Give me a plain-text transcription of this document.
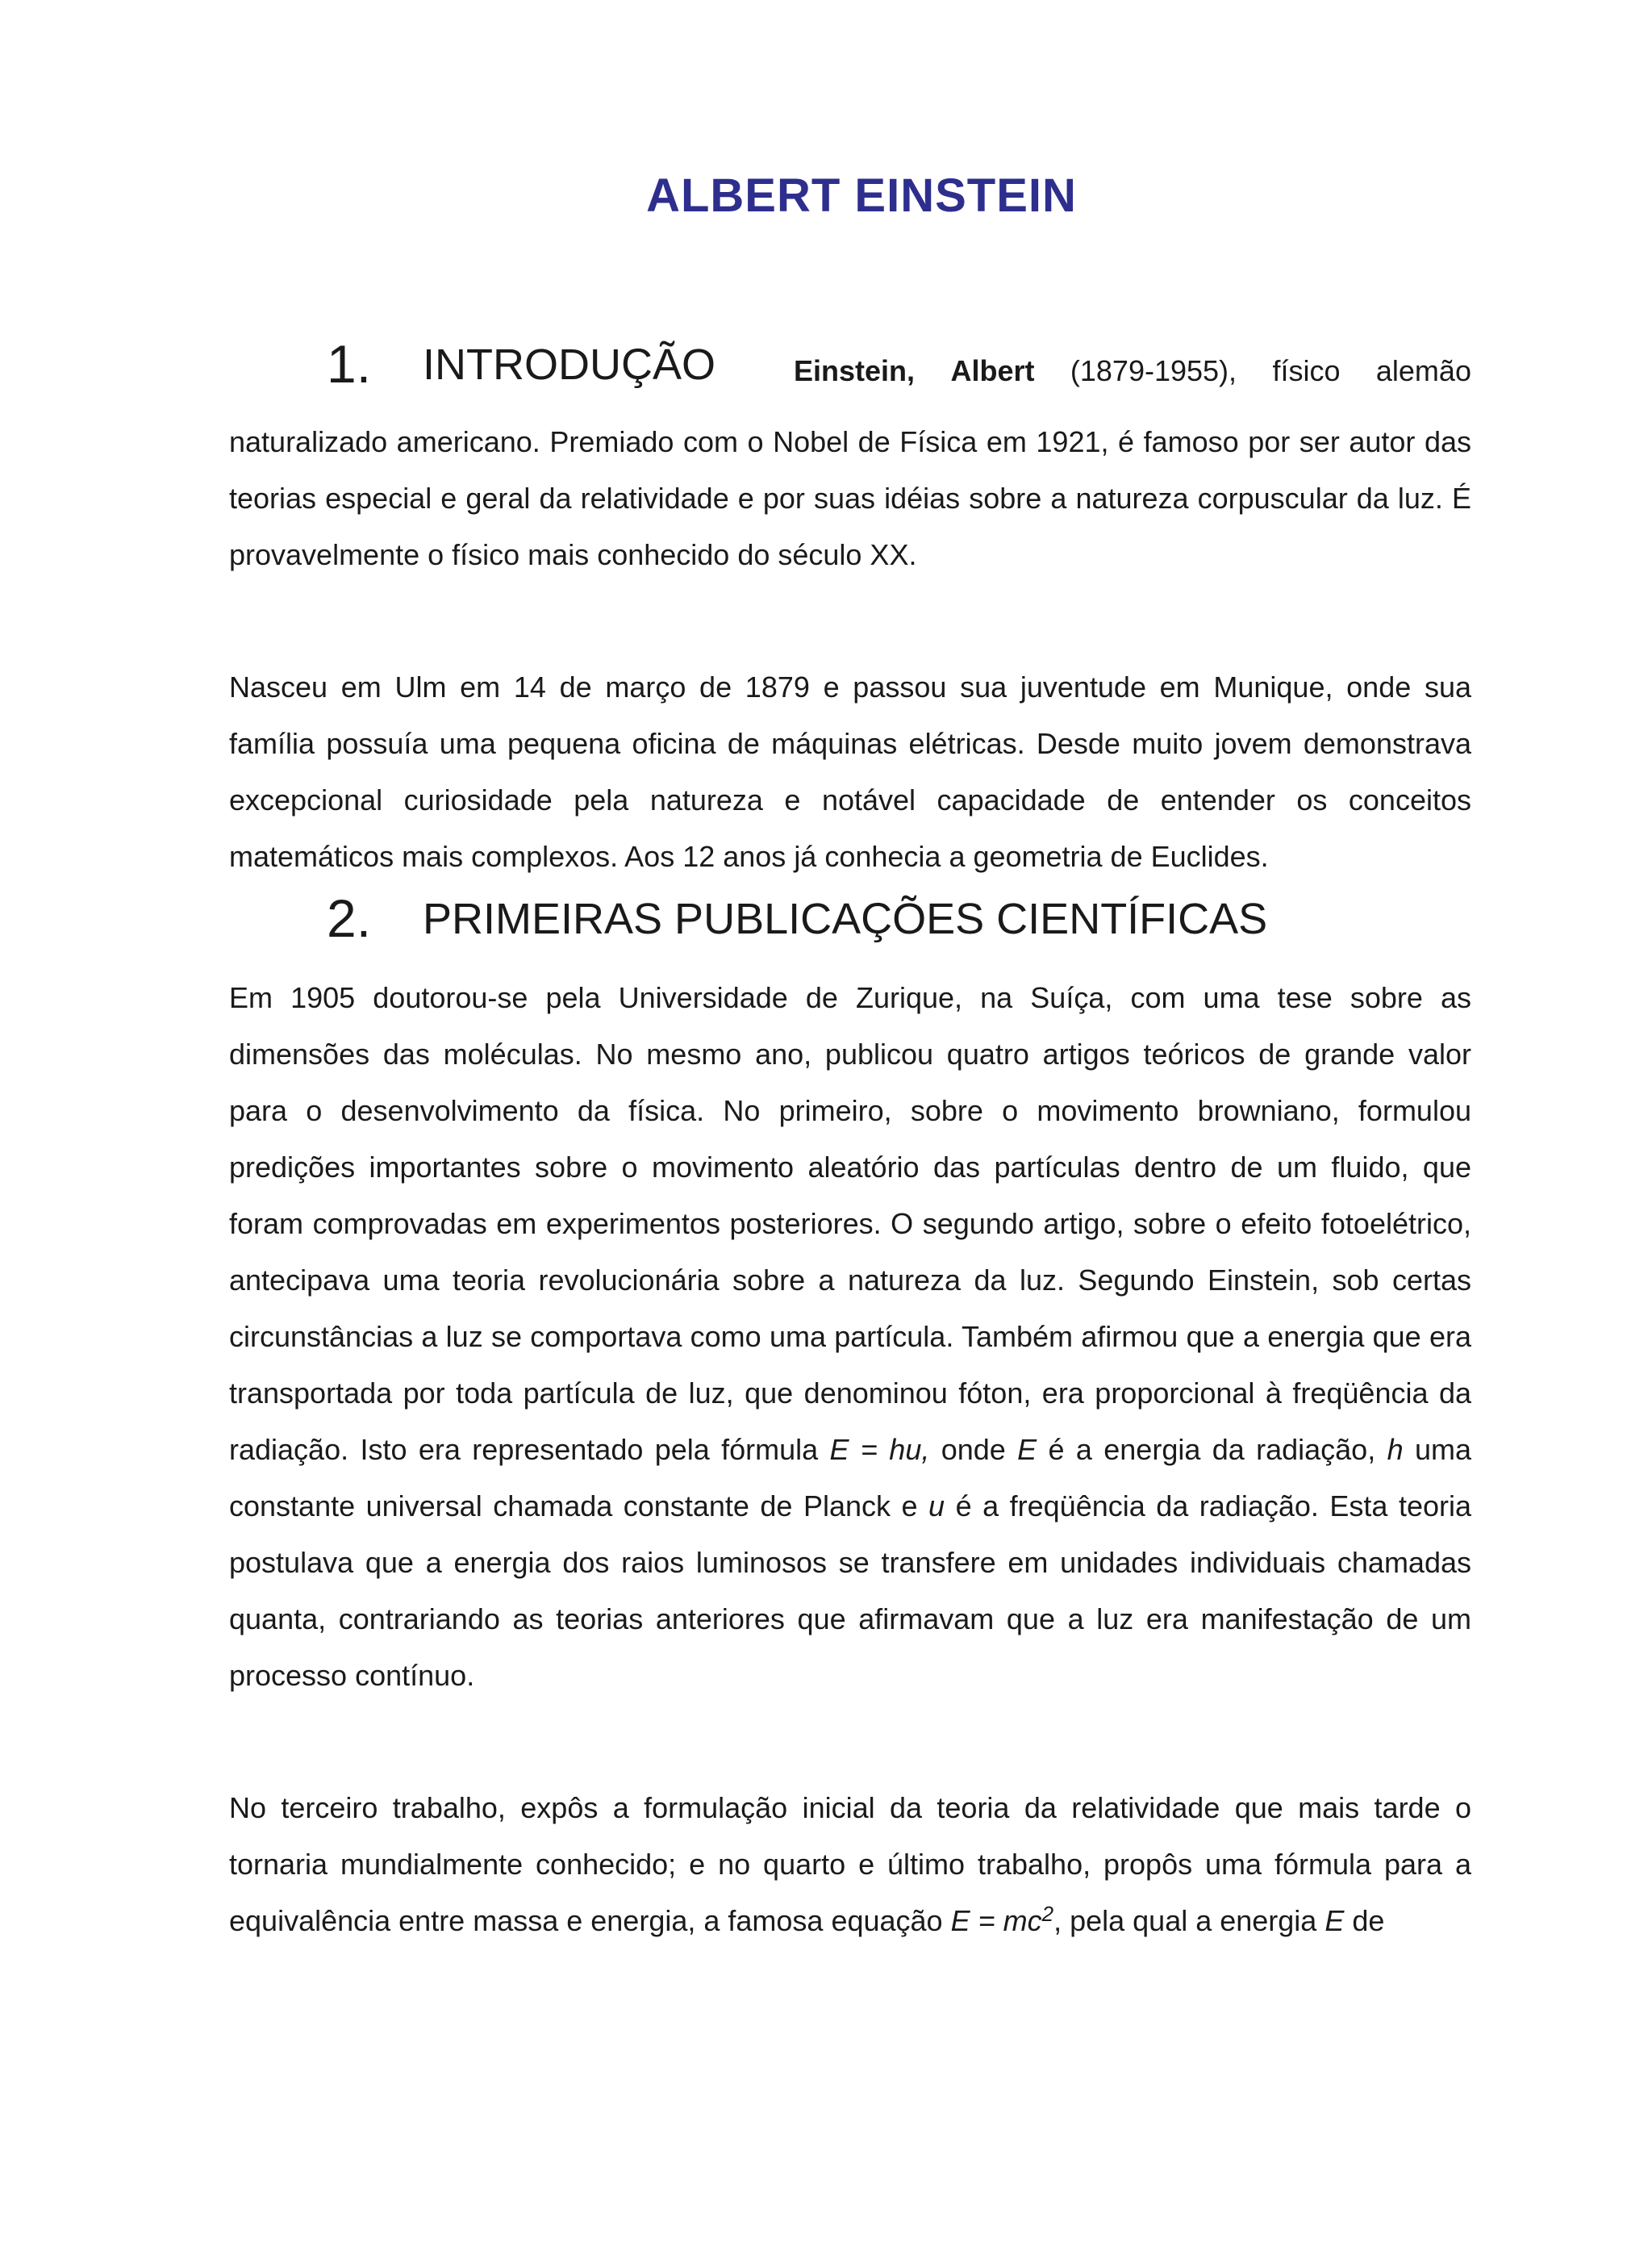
ALBERT EINSTEIN
1. INTRODUÇÃO	Einstein, Albert (1879-1955), físico alemão

naturalizado americano. Premiado com o Nobel de Física em 1921, é famoso por ser autor das teorias especial e geral da relatividade e por suas idéias sobre a natureza corpuscular da luz. É provavelmente o físico mais conhecido do século XX.

Nasceu em Ulm em 14 de março de 1879 e passou sua juventude em Munique, onde sua família possuía uma pequena oficina de máquinas elétricas. Desde muito jovem demonstrava excepcional curiosidade pela natureza e notável capacidade de entender os conceitos matemáticos mais complexos. Aos 12 anos já conhecia a geometria de Euclides.

2. PRIMEIRAS PUBLICAÇÕES CIENTÍFICAS

Em 1905 doutorou-se pela Universidade de Zurique, na Suíça, com uma tese sobre as dimensões das moléculas. No mesmo ano, publicou quatro artigos teóricos de grande valor para o desenvolvimento da física. No primeiro, sobre o movimento browniano, formulou predições importantes sobre o movimento aleatório das partículas dentro de um fluido, que foram comprovadas em experimentos posteriores. O segundo artigo, sobre o efeito fotoelétrico, antecipava uma teoria revolucionária sobre a natureza da luz. Segundo Einstein, sob certas circunstâncias a luz se comportava como uma partícula. Também afirmou que a energia que era transportada por toda partícula de luz, que denominou fóton, era proporcional à freqüência da radiação. Isto era representado pela fórmula E = hu, onde E é a energia da radiação, h uma constante universal chamada constante de Planck e u é a freqüência da radiação. Esta teoria postulava que a energia dos raios luminosos se transfere em unidades individuais chamadas quanta, contrariando as teorias anteriores que afirmavam que a luz era manifestação de um processo contínuo.

No terceiro trabalho, expôs a formulação inicial da teoria da relatividade que mais tarde o tornaria mundialmente conhecido; e no quarto e último trabalho, propôs uma fórmula para a equivalência entre massa e energia, a famosa equação $E = mc^2$, pela qual a energia E de
